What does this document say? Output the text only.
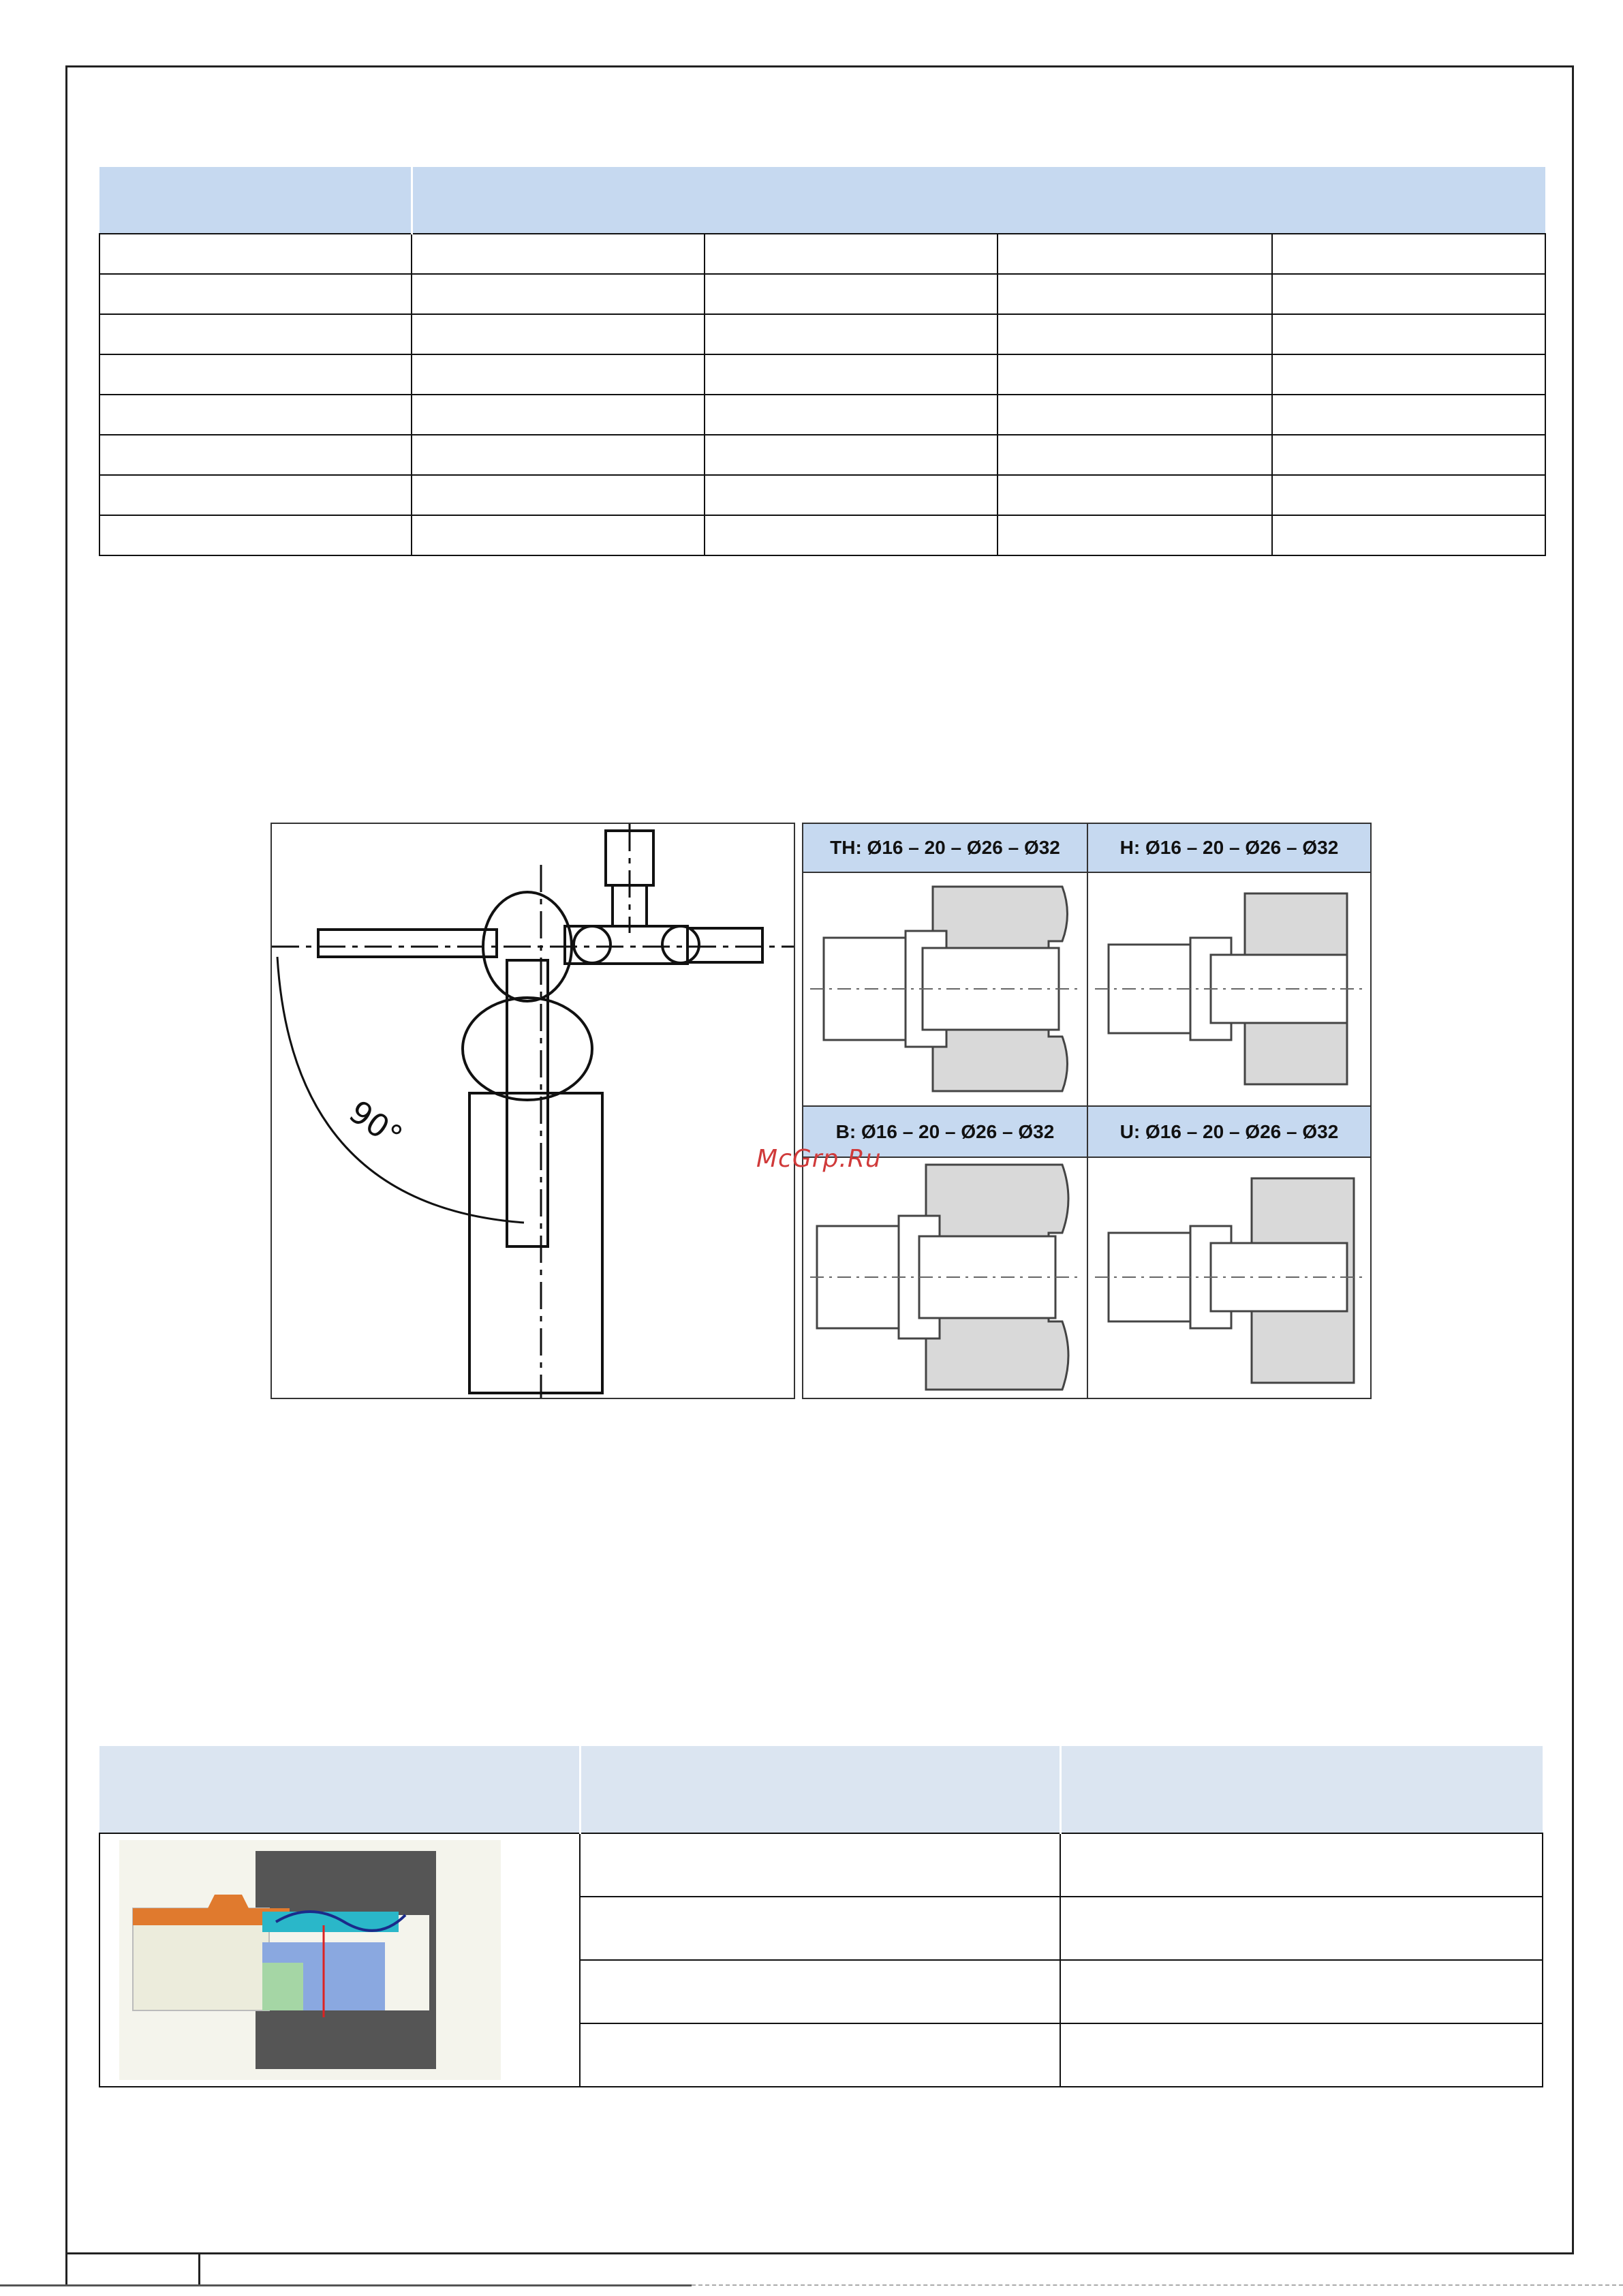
90°
TH: Ø16 – 20 – Ø26 – Ø32	H: Ø16 – 20 – Ø26 – Ø32
B: Ø16 – 20 – Ø26 – Ø32	U: Ø16 – 20 – Ø26 – Ø32
McGrp.Ru
